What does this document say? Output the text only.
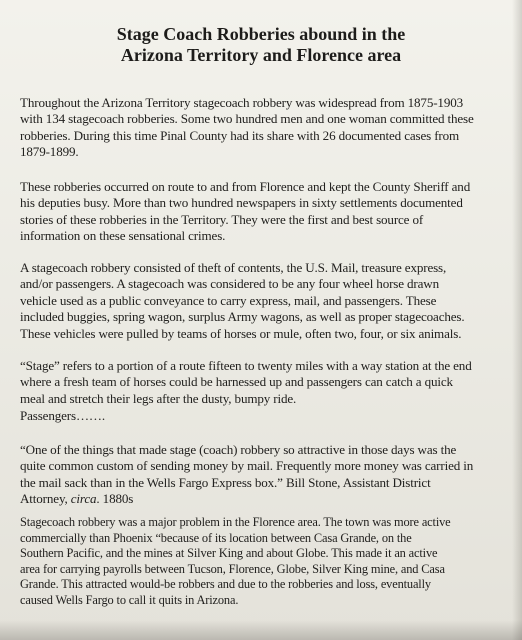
Stage Coach Robberies abound in the
Arizona Territory and Florence area

Throughout the Arizona Territory stagecoach robbery was widespread from 1875-1903
with 134 stagecoach robberies. Some two hundred men and one woman committed these
robberies. During this time Pinal County had its share with 26 documented cases from
1879-1899.

These robberies occurred on route to and from Florence and kept the County Sheriff and
his deputies busy. More than two hundred newspapers in sixty settlements documented
stories of these robberies in the Territory. They were the first and best source of
information on these sensational crimes.

A stagecoach robbery consisted of theft of contents, the U.S. Mail, treasure express,
and/or passengers. A stagecoach was considered to be any four wheel horse drawn
vehicle used as a public conveyance to carry express, mail, and passengers. These
included buggies, spring wagon, surplus Army wagons, as well as proper stagecoaches.
These vehicles were pulled by teams of horses or mule, often two, four, or six animals.

“Stage” refers to a portion of a route fifteen to twenty miles with a way station at the end
where a fresh team of horses could be harnessed up and passengers can catch a quick
meal and stretch their legs after the dusty, bumpy ride.

Passengers…….

“One of the things that made stage (coach) robbery so attractive in those days was the
quite common custom of sending money by mail. Frequently more money was carried in
the mail sack than in the Wells Fargo Express box.” Bill Stone, Assistant District
Attorney, circa. 1880s

Stagecoach robbery was a major problem in the Florence area. The town was more active
commercially than Phoenix “because of its location between Casa Grande, on the
Southern Pacific, and the mines at Silver King and about Globe. This made it an active
area for carrying payrolls between Tucson, Florence, Globe, Silver King mine, and Casa
Grande. This attracted would-be robbers and due to the robberies and loss, eventually
caused Wells Fargo to call it quits in Arizona.
